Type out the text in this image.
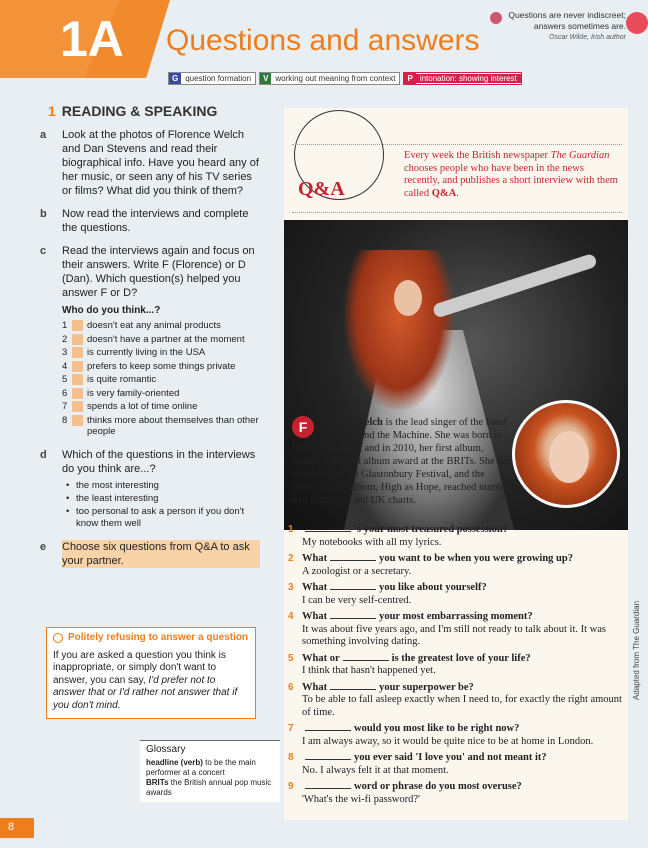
1A Questions and answers
Questions are never indiscreet; answers sometimes are.
Oscar Wilde, Irish author
G question formation	V working out meaning from context	P intonation: showing interest
1 READING & SPEAKING
a	Look at the photos of Florence Welch and Dan Stevens and read their biographical info. Have you heard any of her music, or seen any of his TV series or films? What did you think of them?
b	Now read the interviews and complete the questions.
c	Read the interviews again and focus on their answers. Write F (Florence) or D (Dan). Which question(s) helped you answer F or D?
Who do you think...?
1	doesn't eat any animal products
2	doesn't have a partner at the moment
3	is currently living in the USA
4	prefers to keep some things private
5	is quite romantic
6	is very family-oriented
7	spends a lot of time online
8	thinks more about themselves than other people
d	Which of the questions in the interviews do you think are...?
• the most interesting
• the least interesting
• too personal to ask a person if you don't know them well
e	Choose six questions from Q&A to ask your partner.
Politely refusing to answer a question
If you are asked a question you think is inappropriate, or simply don't want to answer, you can say, I'd prefer not to answer that or I'd rather not answer that if you don't mind.
Glossary
headline (verb) to be the main performer at a concert
BRITs the British annual pop music awards
8
Q&A
Every week the British newspaper The Guardian chooses people who have been in the news recently, and publishes a short interview with them called Q&A.
F	lorence Welch is the lead singer of the band Florence and the Machine. She was born in London in 1986, and in 2010, her first album, Lungs, won best album award at the BRITs. She has headlined at the Glastonbury Festival, and the band's fourth album, High as Hope, reached number two in the US and UK charts.
1	's your most treasured possession?
My notebooks with all my lyrics.
2 What	you want to be when you were growing up?
A zoologist or a secretary.
3 What	you like about yourself?
I can be very self-centred.
4 What	your most embarrassing moment?
It was about five years ago, and I'm still not ready to talk about it. It was something involving dating.
5 What or	is the greatest love of your life?
I think that hasn't happened yet.
6 What	your superpower be?
To be able to fall asleep exactly when I need to, for exactly the right amount of time.
7	would you most like to be right now?
I am always away, so it would be quite nice to be at home in London.
8	you ever said 'I love you' and not meant it?
No. I always felt it at that moment.
9	word or phrase do you most overuse?
'What's the wi-fi password?'
Adapted from The Guardian
